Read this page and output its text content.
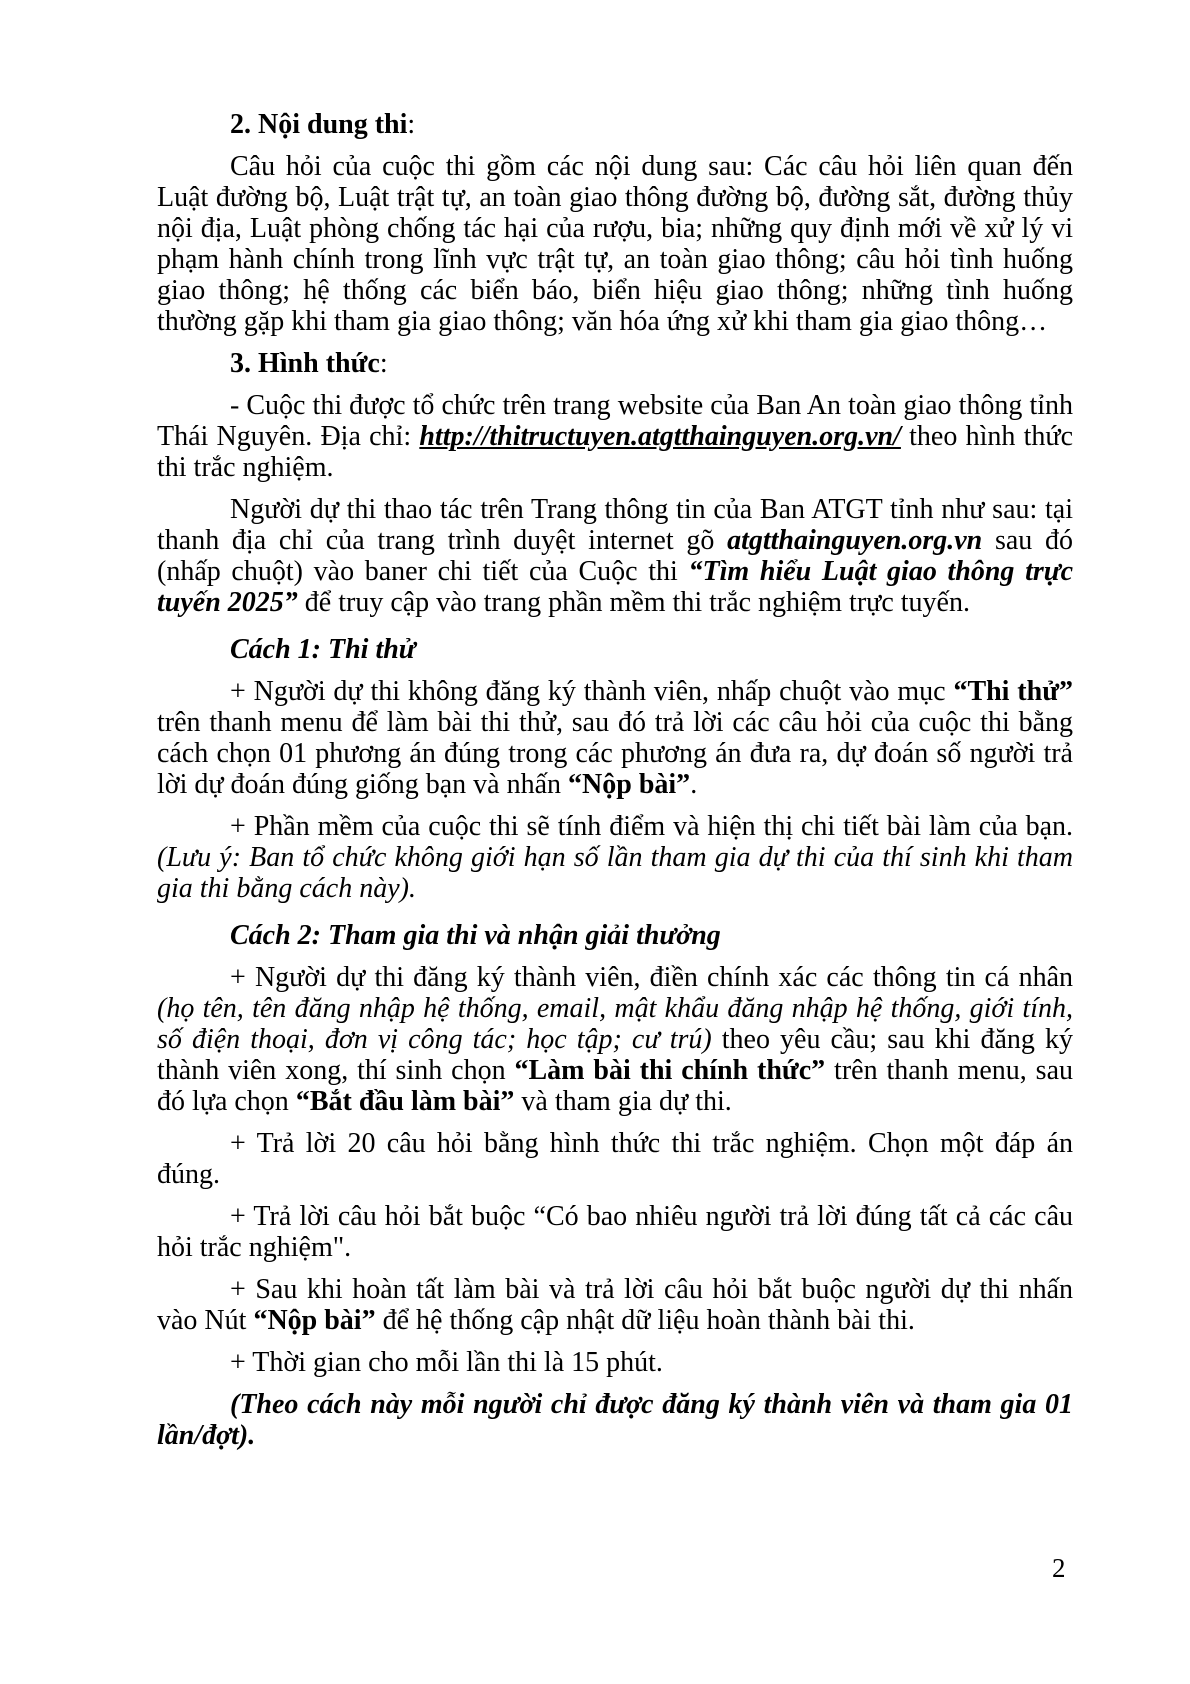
2. Nội dung thi:

Câu hỏi của cuộc thi gồm các nội dung sau: Các câu hỏi liên quan đến Luật đường bộ, Luật trật tự, an toàn giao thông đường bộ, đường sắt, đường thủy nội địa, Luật phòng chống tác hại của rượu, bia; những quy định mới về xử lý vi phạm hành chính trong lĩnh vực trật tự, an toàn giao thông; câu hỏi tình huống giao thông; hệ thống các biển báo, biển hiệu giao thông; những tình huống thường gặp khi tham gia giao thông; văn hóa ứng xử khi tham gia giao thông…

3. Hình thức:

- Cuộc thi được tổ chức trên trang website của Ban An toàn giao thông tỉnh Thái Nguyên. Địa chỉ: http://thitructuyen.atgtthainguyen.org.vn/ theo hình thức thi trắc nghiệm.

Người dự thi thao tác trên Trang thông tin của Ban ATGT tỉnh như sau: tại thanh địa chỉ của trang trình duyệt internet gõ atgtthainguyen.org.vn sau đó (nhấp chuột) vào baner chi tiết của Cuộc thi “Tìm hiểu Luật giao thông trực tuyến 2025” để truy cập vào trang phần mềm thi trắc nghiệm trực tuyến.

Cách 1: Thi thử

+ Người dự thi không đăng ký thành viên, nhấp chuột vào mục “Thi thử” trên thanh menu để làm bài thi thử, sau đó trả lời các câu hỏi của cuộc thi bằng cách chọn 01 phương án đúng trong các phương án đưa ra, dự đoán số người trả lời dự đoán đúng giống bạn và nhấn “Nộp bài”.

+ Phần mềm của cuộc thi sẽ tính điểm và hiện thị chi tiết bài làm của bạn. (Lưu ý: Ban tổ chức không giới hạn số lần tham gia dự thi của thí sinh khi tham gia thi bằng cách này).

Cách 2: Tham gia thi và nhận giải thưởng

+ Người dự thi đăng ký thành viên, điền chính xác các thông tin cá nhân (họ tên, tên đăng nhập hệ thống, email, mật khẩu đăng nhập hệ thống, giới tính, số điện thoại, đơn vị công tác; học tập; cư trú) theo yêu cầu; sau khi đăng ký thành viên xong, thí sinh chọn “Làm bài thi chính thức” trên thanh menu, sau đó lựa chọn “Bắt đầu làm bài” và tham gia dự thi.

+ Trả lời 20 câu hỏi bằng hình thức thi trắc nghiệm. Chọn một đáp án đúng.

+ Trả lời câu hỏi bắt buộc “Có bao nhiêu người trả lời đúng tất cả các câu hỏi trắc nghiệm".

+ Sau khi hoàn tất làm bài và trả lời câu hỏi bắt buộc người dự thi nhấn vào Nút “Nộp bài” để hệ thống cập nhật dữ liệu hoàn thành bài thi.

+ Thời gian cho mỗi lần thi là 15 phút.

(Theo cách này mỗi người chỉ được đăng ký thành viên và tham gia 01 lần/đợt).

2
